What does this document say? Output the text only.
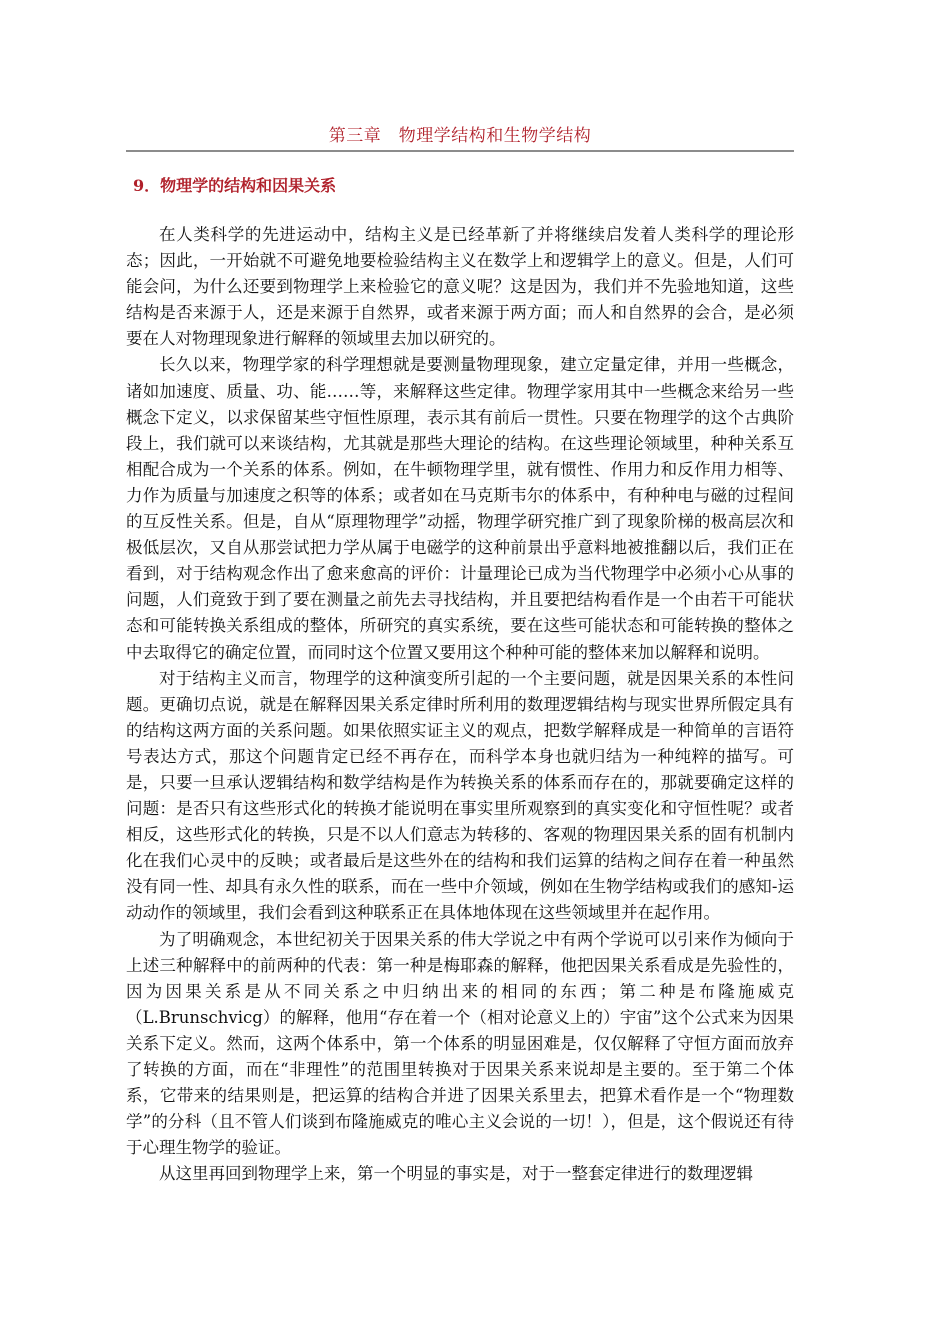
第三章　物理学结构和生物学结构
9．物理学的结构和因果关系

在人类科学的先进运动中，结构主义是已经革新了并将继续启发着人类科学的理论形态；因此，一开始就不可避免地要检验结构主义在数学上和逻辑学上的意义。但是，人们可能会问，为什么还要到物理学上来检验它的意义呢？这是因为，我们并不先验地知道，这些结构是否来源于人，还是来源于自然界，或者来源于两方面；而人和自然界的会合，是必须要在人对物理现象进行解释的领域里去加以研究的。

长久以来，物理学家的科学理想就是要测量物理现象，建立定量定律，并用一些概念，诸如加速度、质量、功、能……等，来解释这些定律。物理学家用其中一些概念来给另一些概念下定义，以求保留某些守恒性原理，表示其有前后一贯性。只要在物理学的这个古典阶段上，我们就可以来谈结构，尤其就是那些大理论的结构。在这些理论领域里，种种关系互相配合成为一个关系的体系。例如，在牛顿物理学里，就有惯性、作用力和反作用力相等、力作为质量与加速度之积等的体系；或者如在马克斯韦尔的体系中，有种种电与磁的过程间的互反性关系。但是，自从“原理物理学”动摇，物理学研究推广到了现象阶梯的极高层次和极低层次，又自从那尝试把力学从属于电磁学的这种前景出乎意料地被推翻以后，我们正在看到，对于结构观念作出了愈来愈高的评价：计量理论已成为当代物理学中必须小心从事的问题，人们竟致于到了要在测量之前先去寻找结构，并且要把结构看作是一个由若干可能状态和可能转换关系组成的整体，所研究的真实系统，要在这些可能状态和可能转换的整体之中去取得它的确定位置，而同时这个位置又要用这个种种可能的整体来加以解释和说明。

对于结构主义而言，物理学的这种演变所引起的一个主要问题，就是因果关系的本性问题。更确切点说，就是在解释因果关系定律时所利用的数理逻辑结构与现实世界所假定具有的结构这两方面的关系问题。如果依照实证主义的观点，把数学解释成是一种简单的言语符号表达方式，那这个问题肯定已经不再存在，而科学本身也就归结为一种纯粹的描写。可是，只要一旦承认逻辑结构和数学结构是作为转换关系的体系而存在的，那就要确定这样的问题：是否只有这些形式化的转换才能说明在事实里所观察到的真实变化和守恒性呢？或者相反，这些形式化的转换，只是不以人们意志为转移的、客观的物理因果关系的固有机制内化在我们心灵中的反映；或者最后是这些外在的结构和我们运算的结构之间存在着一种虽然没有同一性、却具有永久性的联系，而在一些中介领域，例如在生物学结构或我们的感知-运动动作的领域里，我们会看到这种联系正在具体地体现在这些领域里并在起作用。

为了明确观念，本世纪初关于因果关系的伟大学说之中有两个学说可以引来作为倾向于上述三种解释中的前两种的代表：第一种是梅耶森的解释，他把因果关系看成是先验性的，因为因果关系是从不同关系之中归纳出来的相同的东西；第二种是布隆施威克（L.Brunschvicg）的解释，他用“存在着一个（相对论意义上的）宇宙”这个公式来为因果关系下定义。然而，这两个体系中，第一个体系的明显困难是，仅仅解释了守恒方面而放弃了转换的方面，而在“非理性”的范围里转换对于因果关系来说却是主要的。至于第二个体系，它带来的结果则是，把运算的结构合并进了因果关系里去，把算术看作是一个“物理数学”的分科（且不管人们谈到布隆施威克的唯心主义会说的一切！），但是，这个假说还有待于心理生物学的验证。

从这里再回到物理学上来，第一个明显的事实是，对于一整套定律进行的数理逻辑
